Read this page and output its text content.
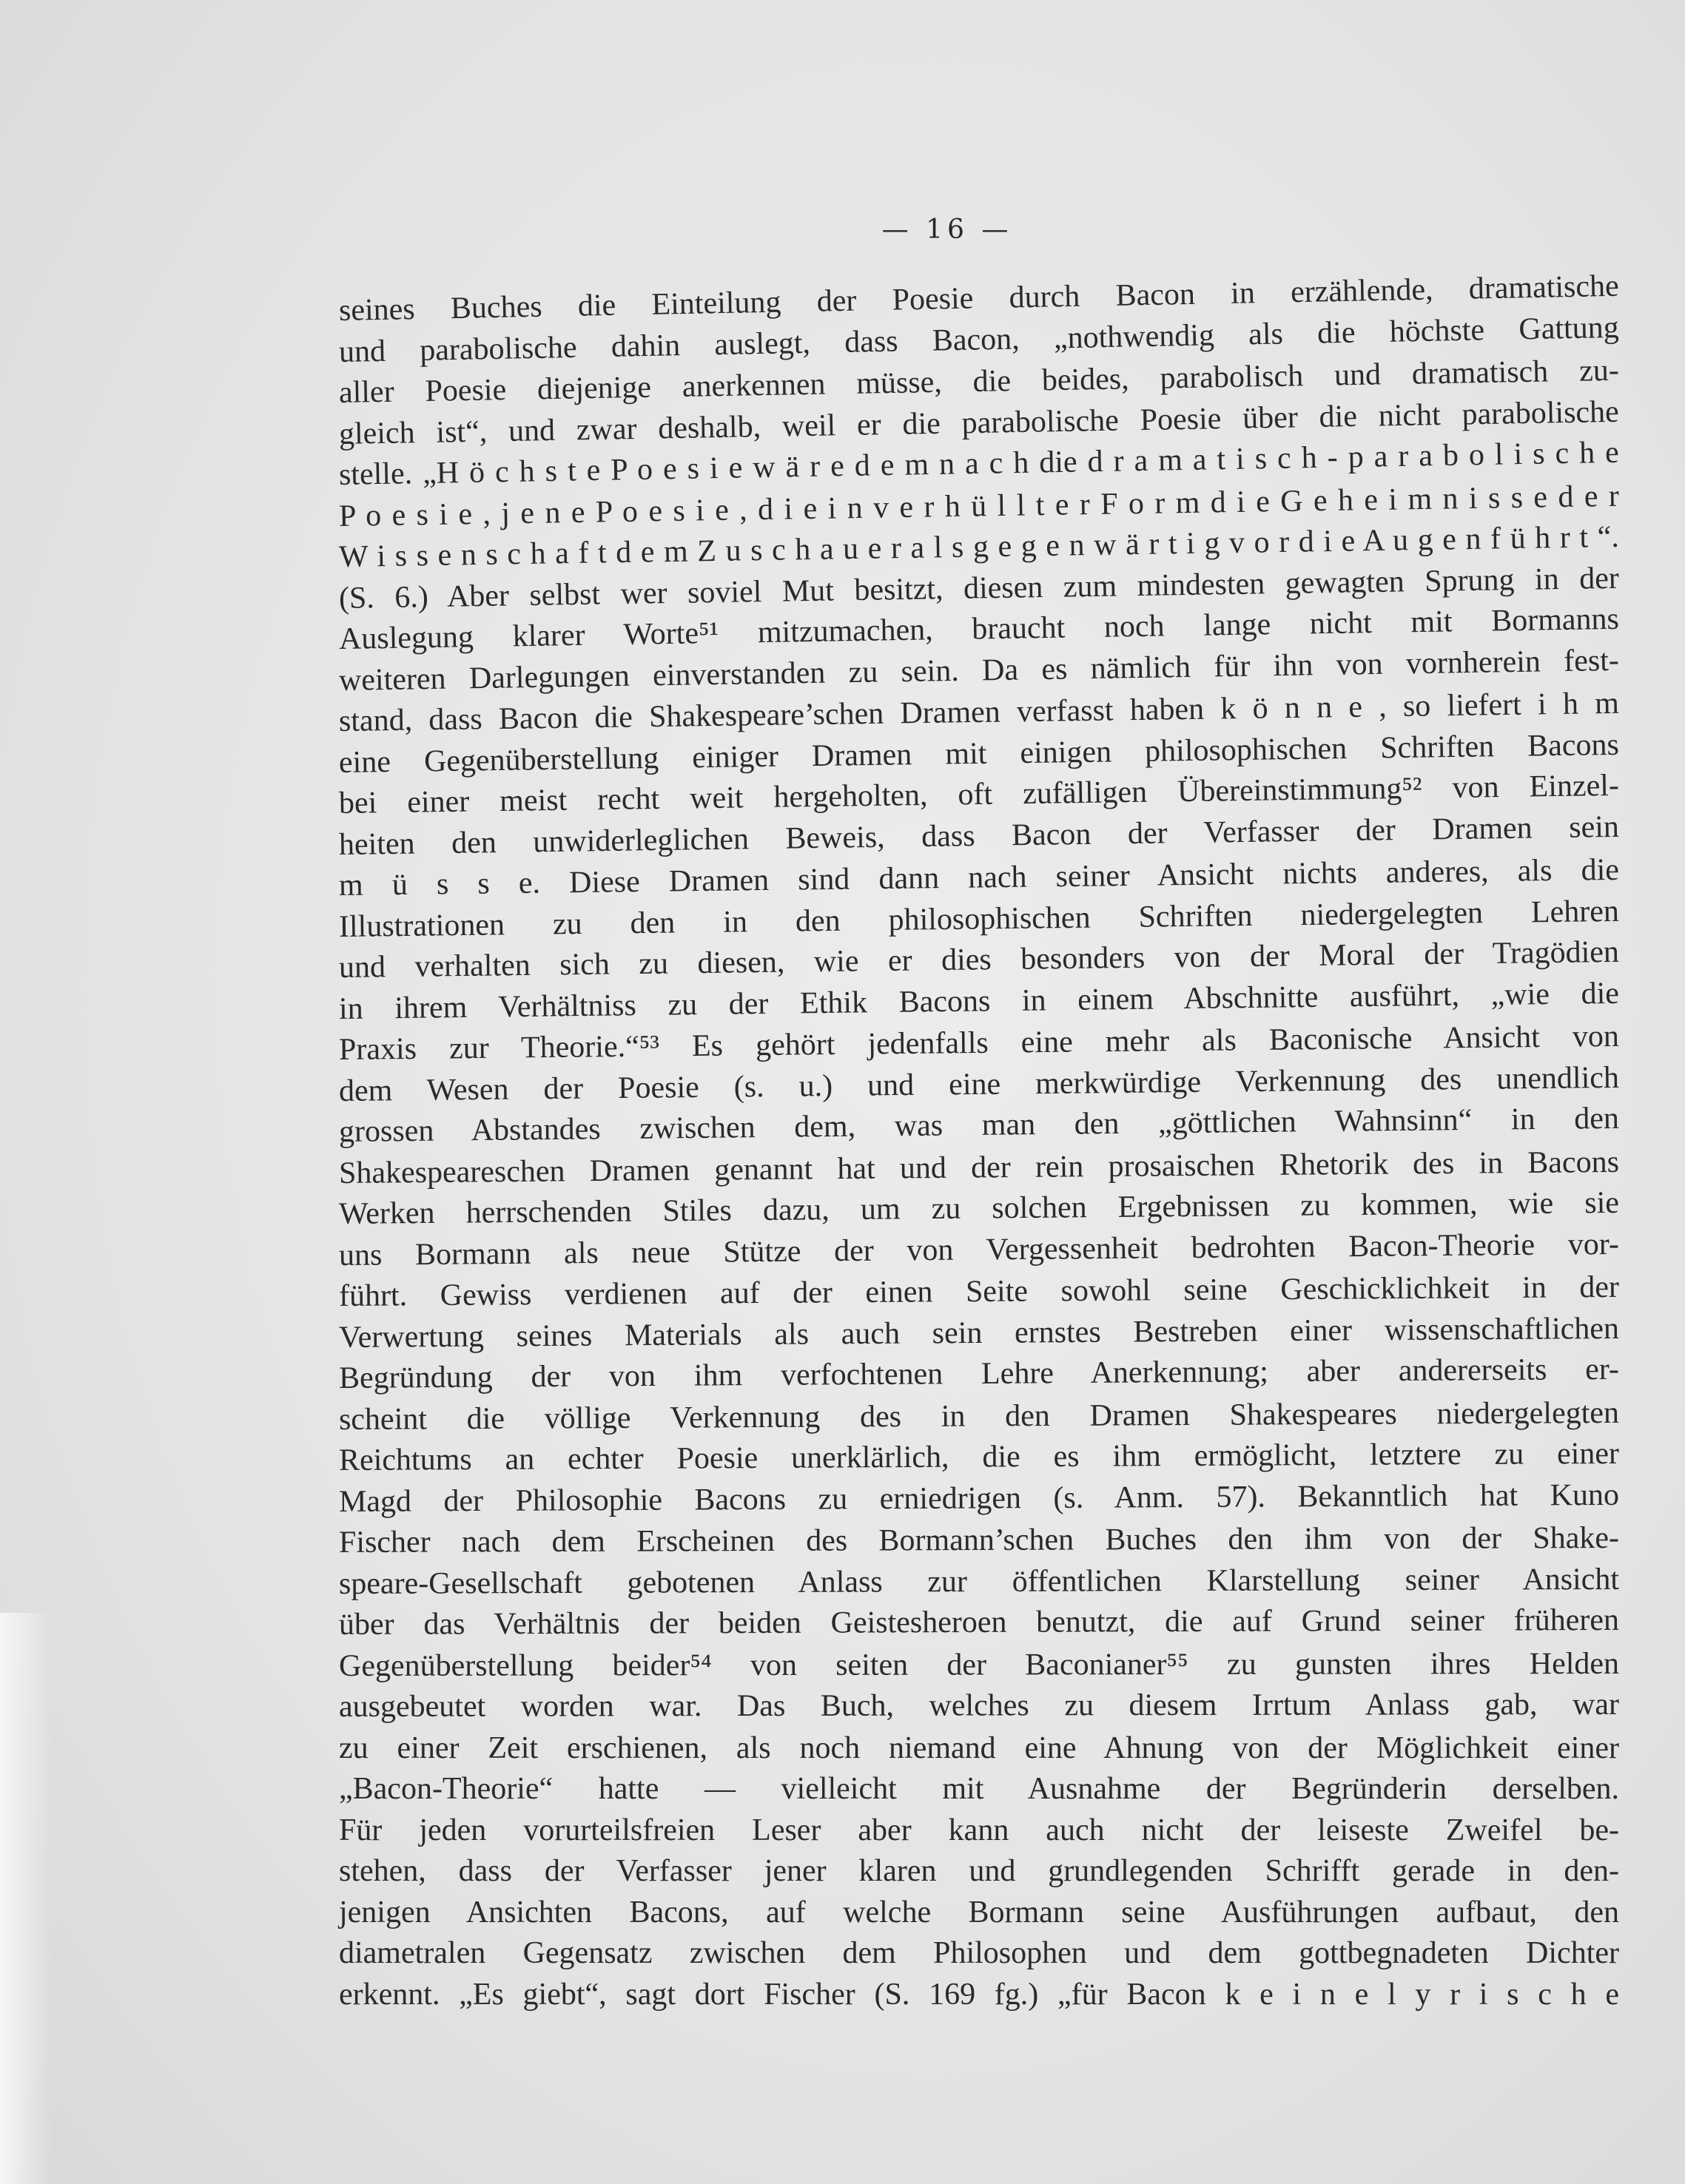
— 16 —
seines Buches die Einteilung der Poesie durch Bacon in erzählende, dramatische
und parabolische dahin auslegt, dass Bacon, „nothwendig als die höchste Gattung
aller Poesie diejenige anerkennen müsse, die beides, parabolisch und dramatisch zu-
gleich ist“, und zwar deshalb, weil er die parabolische Poesie über die nicht parabolische
stelle. „H ö c h s t e P o e s i e w ä r e d e m n a c h die d r a m a t i s c h - p a r a b o l i s c h e
P o e s i e , j e n e P o e s i e , d i e i n v e r h ü l l t e r F o r m d i e G e h e i m n i s s e d e r
W i s s e n s c h a f t d e m Z u s c h a u e r a l s g e g e n w ä r t i g v o r d i e A u g e n f ü h r t “.
(S. 6.) Aber selbst wer soviel Mut besitzt, diesen zum mindesten gewagten Sprung in der
Auslegung klarer Worte⁵¹ mitzumachen, braucht noch lange nicht mit Bormanns
weiteren Darlegungen einverstanden zu sein. Da es nämlich für ihn von vornherein fest-
stand, dass Bacon die Shakespeare’schen Dramen verfasst haben k ö n n e , so liefert i h m
eine Gegenüberstellung einiger Dramen mit einigen philosophischen Schriften Bacons
bei einer meist recht weit hergeholten, oft zufälligen Übereinstimmung⁵² von Einzel-
heiten den unwiderleglichen Beweis, dass Bacon der Verfasser der Dramen sein
m ü s s e. Diese Dramen sind dann nach seiner Ansicht nichts anderes, als die
Illustrationen zu den in den philosophischen Schriften niedergelegten Lehren
und verhalten sich zu diesen, wie er dies besonders von der Moral der Tragödien
in ihrem Verhältniss zu der Ethik Bacons in einem Abschnitte ausführt, „wie die
Praxis zur Theorie.“⁵³ Es gehört jedenfalls eine mehr als Baconische Ansicht von
dem Wesen der Poesie (s. u.) und eine merkwürdige Verkennung des unendlich
grossen Abstandes zwischen dem, was man den „göttlichen Wahnsinn“ in den
Shakespeareschen Dramen genannt hat und der rein prosaischen Rhetorik des in Bacons
Werken herrschenden Stiles dazu, um zu solchen Ergebnissen zu kommen, wie sie
uns Bormann als neue Stütze der von Vergessenheit bedrohten Bacon-Theorie vor-
führt. Gewiss verdienen auf der einen Seite sowohl seine Geschicklichkeit in der
Verwertung seines Materials als auch sein ernstes Bestreben einer wissenschaftlichen
Begründung der von ihm verfochtenen Lehre Anerkennung; aber andererseits er-
scheint die völlige Verkennung des in den Dramen Shakespeares niedergelegten
Reichtums an echter Poesie unerklärlich, die es ihm ermöglicht, letztere zu einer
Magd der Philosophie Bacons zu erniedrigen (s. Anm. 57). Bekanntlich hat Kuno
Fischer nach dem Erscheinen des Bormann’schen Buches den ihm von der Shake-
speare-Gesellschaft gebotenen Anlass zur öffentlichen Klarstellung seiner Ansicht
über das Verhältnis der beiden Geistesheroen benutzt, die auf Grund seiner früheren
Gegenüberstellung beider⁵⁴ von seiten der Baconianer⁵⁵ zu gunsten ihres Helden
ausgebeutet worden war. Das Buch, welches zu diesem Irrtum Anlass gab, war
zu einer Zeit erschienen, als noch niemand eine Ahnung von der Möglichkeit einer
„Bacon-Theorie“ hatte — vielleicht mit Ausnahme der Begründerin derselben.
Für jeden vorurteilsfreien Leser aber kann auch nicht der leiseste Zweifel be-
stehen, dass der Verfasser jener klaren und grundlegenden Schrifft gerade in den-
jenigen Ansichten Bacons, auf welche Bormann seine Ausführungen aufbaut, den
diametralen Gegensatz zwischen dem Philosophen und dem gottbegnadeten Dichter
erkennt. „Es giebt“, sagt dort Fischer (S. 169 fg.) „für Bacon k e i n e l y r i s c h e
